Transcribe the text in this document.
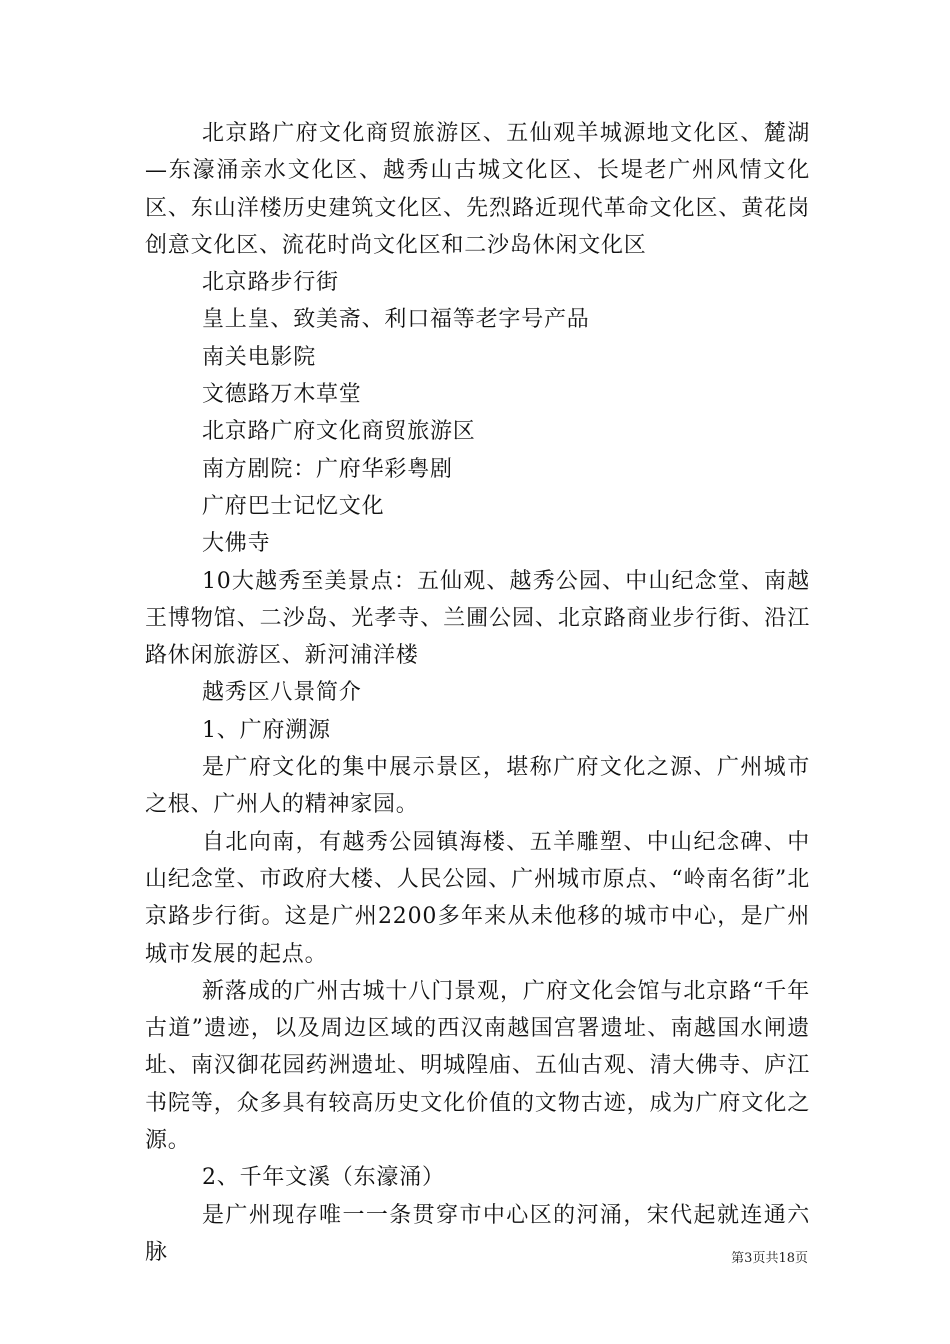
北京路广府文化商贸旅游区、五仙观羊城源地文化区、麓湖—东濠涌亲水文化区、越秀山古城文化区、长堤老广州风情文化区、东山洋楼历史建筑文化区、先烈路近现代革命文化区、黄花岗创意文化区、流花时尚文化区和二沙岛休闲文化区

北京路步行街

皇上皇、致美斋、利口福等老字号产品

南关电影院

文德路万木草堂

北京路广府文化商贸旅游区

南方剧院：广府华彩粤剧

广府巴士记忆文化

大佛寺

10大越秀至美景点：五仙观、越秀公园、中山纪念堂、南越王博物馆、二沙岛、光孝寺、兰圃公园、北京路商业步行街、沿江路休闲旅游区、新河浦洋楼

越秀区八景简介

1、广府溯源

是广府文化的集中展示景区，堪称广府文化之源、广州城市之根、广州人的精神家园。

自北向南，有越秀公园镇海楼、五羊雕塑、中山纪念碑、中山纪念堂、市政府大楼、人民公园、广州城市原点、“岭南名街”北京路步行街。这是广州2200多年来从未他移的城市中心，是广州城市发展的起点。

新落成的广州古城十八门景观，广府文化会馆与北京路“千年古道”遗迹，以及周边区域的西汉南越国宫署遗址、南越国水闸遗址、南汉御花园药洲遗址、明城隍庙、五仙古观、清大佛寺、庐江书院等，众多具有较高历史文化价值的文物古迹，成为广府文化之源。

2、千年文溪（东濠涌）

是广州现存唯一一条贯穿市中心区的河涌，宋代起就连通六脉	第3页共18页
